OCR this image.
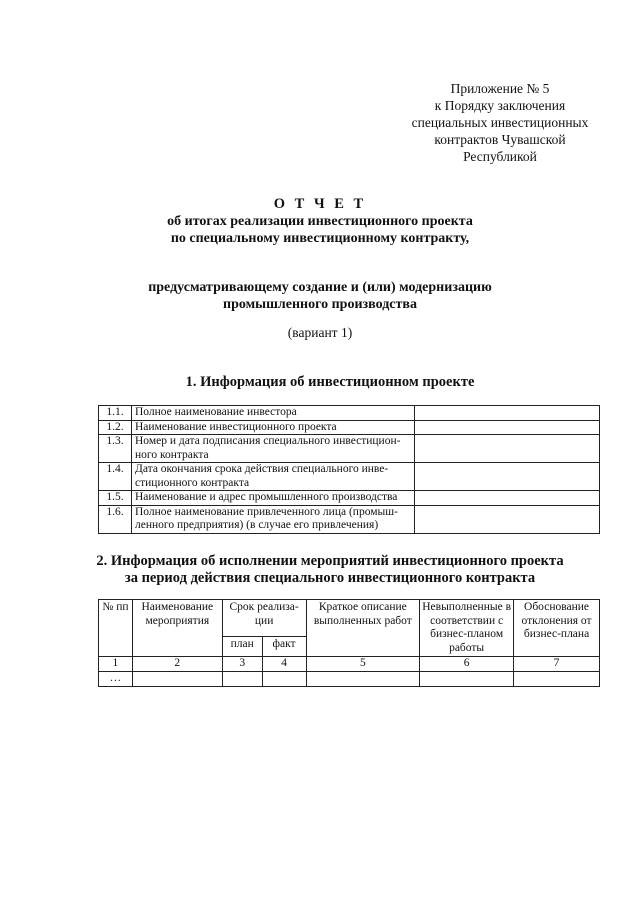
Приложение № 5
к Порядку заключения
специальных инвестиционных
контрактов Чувашской
Республикой
О Т Ч Е Т
об итогах реализации инвестиционного проекта
по специальному инвестиционному контракту,
предусматривающему создание и (или) модернизацию
промышленного производства
(вариант 1)
1. Информация об инвестиционном проекте
1.1.	Полное наименование инвестора	
1.2.	Наименование инвестиционного проекта	
1.3.	Номер и дата подписания специального инвестицион-ного контракта	
1.4.	Дата окончания срока действия специального инве-стиционного контракта	
1.5.	Наименование и адрес промышленного производства	
1.6.	Полное наименование привлеченного лица (промыш-ленного предприятия) (в случае его привлечения)	
2. Информация об исполнении мероприятий инвестиционного проекта
за период действия специального инвестиционного контракта
№ пп	Наименование мероприятия	Срок реализа-ции		Краткое описание выполненных работ	Невыполненные в соответствии с бизнес-планом работы	Обоснование отклонения от бизнес-плана
		план	факт			
1	2	3	4	5	6	7
…						
